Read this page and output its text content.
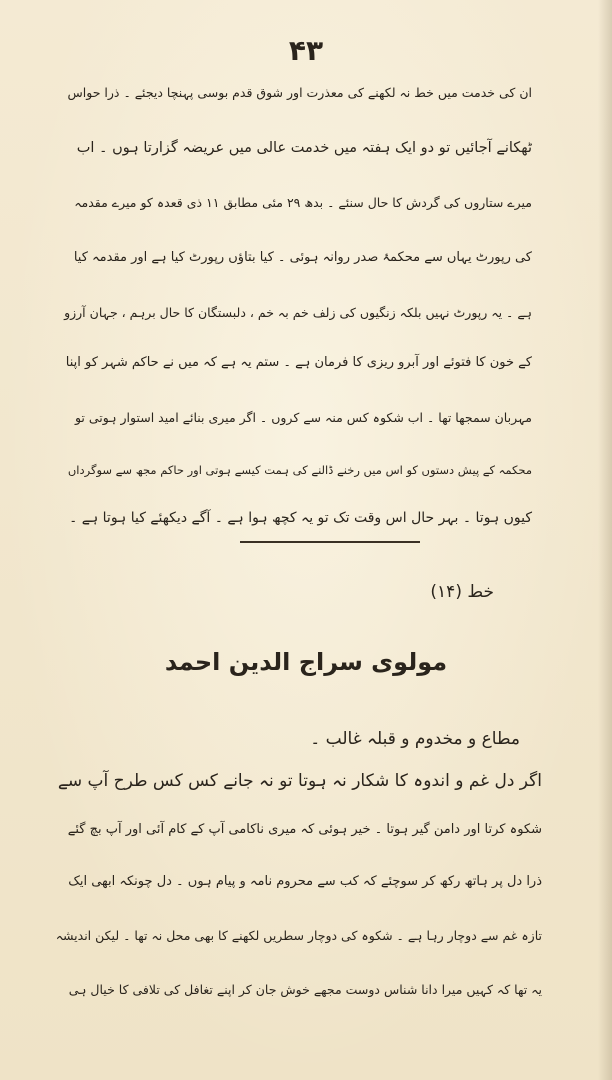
۴۳
ان کی خدمت میں خط نہ لکھنے کی معذرت اور شوق قدم بوسی پہنچا دیجئے ۔ ذرا حواس
ٹھکانے آجائیں تو دو ایک ہفتہ میں خدمت عالی میں عریضہ گزارتا ہوں ۔ اب
میرے ستاروں کی گردش کا حال سنئے ۔ بدھ ۲۹ مئی مطابق ۱۱ ذی قعدہ کو میرے مقدمہ
کی رپورٹ یہاں سے محکمۂ صدر روانہ ہوئی ۔ کیا بتاؤں رپورٹ کیا ہے اور مقدمہ کیا
ہے ۔ یہ رپورٹ نہیں بلکہ زنگیوں کی زلف خم بہ خم ، دلبستگان کا حال برہم ، جہان آرزو
کے خون کا فتوئے اور آبرو ریزی کا فرمان ہے ۔ ستم یہ ہے کہ میں نے حاکم شہر کو اپنا
مہربان سمجھا تھا ۔ اب شکوہ کس منہ سے کروں ۔ اگر میری بنائے امید استوار ہوتی تو
محکمہ کے پیش دستوں کو اس میں رخنے ڈالنے کی ہمت کیسے ہوتی اور حاکم مجھ سے سوگرداں
کیوں ہوتا ۔ بہر حال اس وقت تک تو یہ کچھ ہوا ہے ۔ آگے دیکھئے کیا ہوتا ہے ۔
خط (۱۴)
مولوی سراج الدین احمد
مطاع و مخدوم و قبلہ غالب ۔
اگر دل غم و اندوہ کا شکار نہ ہوتا تو نہ جانے کس کس طرح آپ سے
شکوہ کرتا اور دامن گیر ہوتا ۔ خیر ہوئی کہ میری ناکامی آپ کے کام آئی اور آپ بچ گئے
ذرا دل پر ہاتھ رکھ کر سوچئے کہ کب سے محروم نامہ و پیام ہوں ۔ دل چونکہ ابھی ایک
تازہ غم سے دوچار رہا ہے ۔ شکوہ کی دوچار سطریں لکھنے کا بھی محل نہ تھا ۔ لیکن اندیشہ
یہ تھا کہ کہیں میرا دانا شناس دوست مجھے خوش جان کر اپنے تغافل کی تلافی کا خیال ہی
